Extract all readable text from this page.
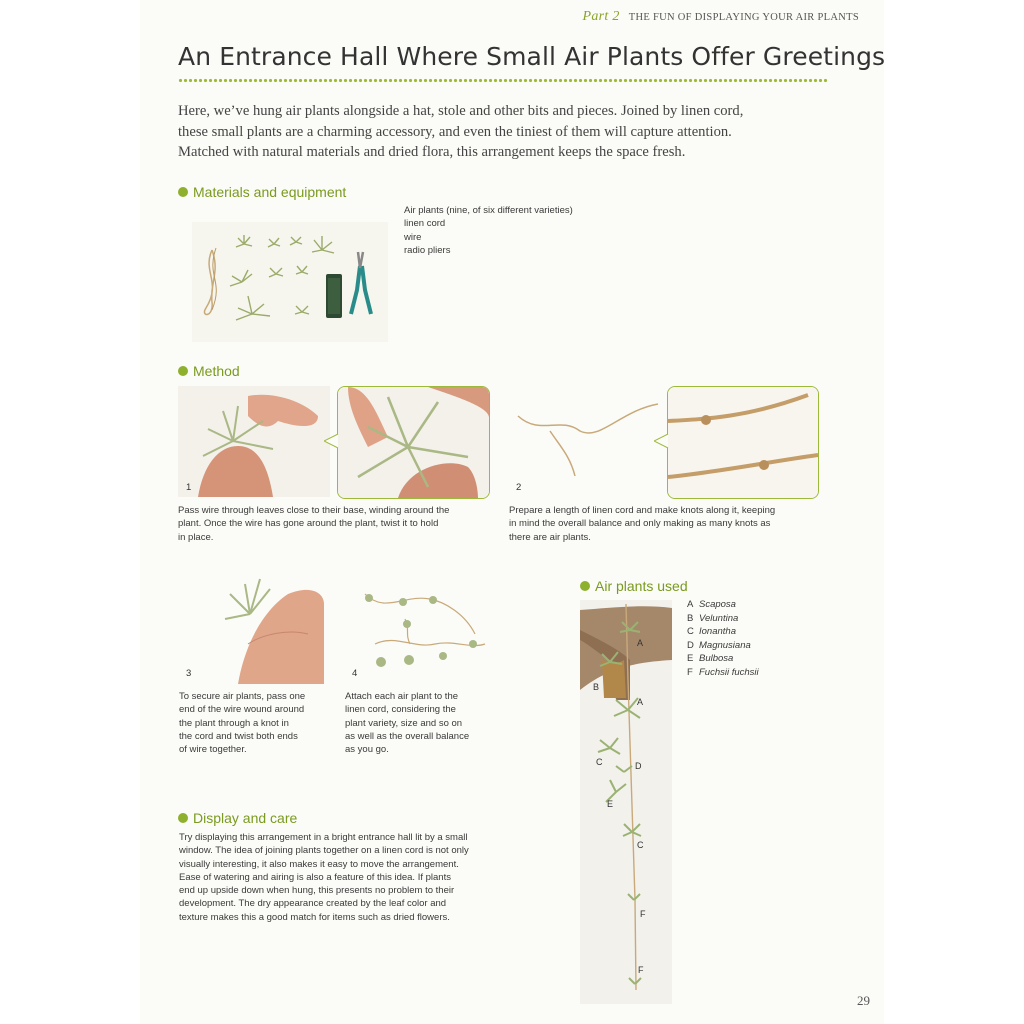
Part 2 THE FUN OF DISPLAYING YOUR AIR PLANTS
An Entrance Hall Where Small Air Plants Offer Greetings

Here, we’ve hung air plants alongside a hat, stole and other bits and pieces. Joined by linen cord,

these small plants are a charming accessory, and even the tiniest of them will capture attention.

Matched with natural materials and dried flora, this arrangement keeps the space fresh.

Materials and equipment

Air plants (nine, of six different varieties)

linen cord

wire

radio pliers

Method
1	2

Pass wire through leaves close to their base, winding around the

plant. Once the wire has gone around the plant, twist it to hold

in place.

Prepare a length of linen cord and make knots along it, keeping

in mind the overall balance and only making as many knots as

there are air plants.

3	4

To secure air plants, pass one

end of the wire wound around

the plant through a knot in

the cord and twist both ends

of wire together.

Attach each air plant to the

linen cord, considering the

plant variety, size and so on

as well as the overall balance

as you go.

Display and care

Try displaying this arrangement in a bright entrance hall lit by a small

window. The idea of joining plants together on a linen cord is not only

visually interesting, it also makes it easy to move the arrangement.

Ease of watering and airing is also a feature of this idea. If plants

end up upside down when hung, this presents no problem to their

development. The dry appearance created by the leaf color and

texture makes this a good match for items such as dried flowers.

Air plants used
A
B
A
C	D
E
C
F
F
A Scaposa
B Veluntina
C Ionantha
D Magnusiana
E Bulbosa
F Fuchsii fuchsii
29
